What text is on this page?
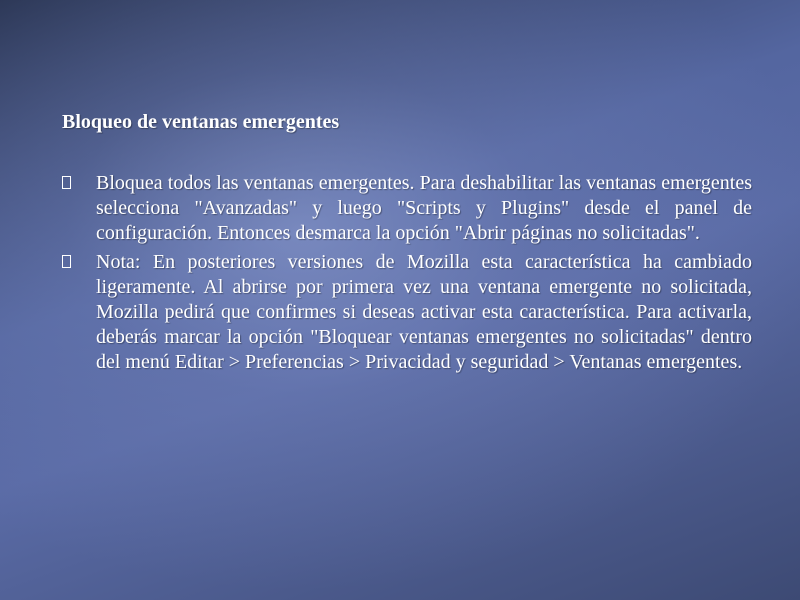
Bloqueo de ventanas emergentes
Bloquea todos las ventanas emergentes. Para deshabilitar las ventanas emergentes selecciona "Avanzadas" y luego "Scripts y Plugins" desde el panel de configuración. Entonces desmarca la opción "Abrir páginas no solicitadas".
Nota: En posteriores versiones de Mozilla esta característica ha cambiado ligeramente. Al abrirse por primera vez una ventana emergente no solicitada, Mozilla pedirá que confirmes si deseas activar esta característica. Para activarla, deberás marcar la opción "Bloquear ventanas emergentes no solicitadas" dentro del menú Editar > Preferencias > Privacidad y seguridad > Ventanas emergentes.
